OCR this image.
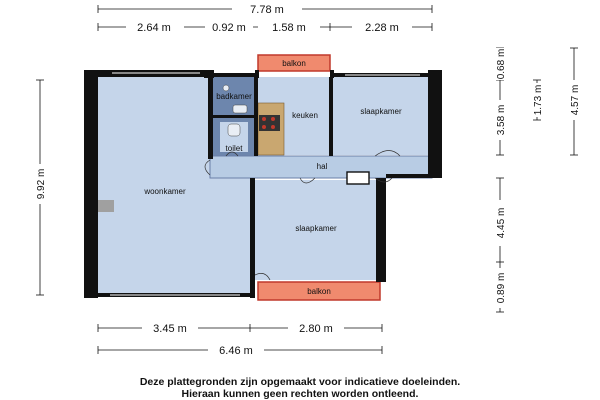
7.78 m
2.64 m	0.92 m 1.58 m	2.28 m
9.92 m
0.68 m
3.58 m
4.45 m
0.89 m
1.73 m	4.57 m
3.45 m	2.80 m
6.46 m
balkon
badkamer
keuken	slaapkamer
toilet
hal
woonkamer
slaapkamer
balkon
Deze plattegronden zijn opgemaakt voor indicatieve doeleinden.
Hieraan kunnen geen rechten worden ontleend.
